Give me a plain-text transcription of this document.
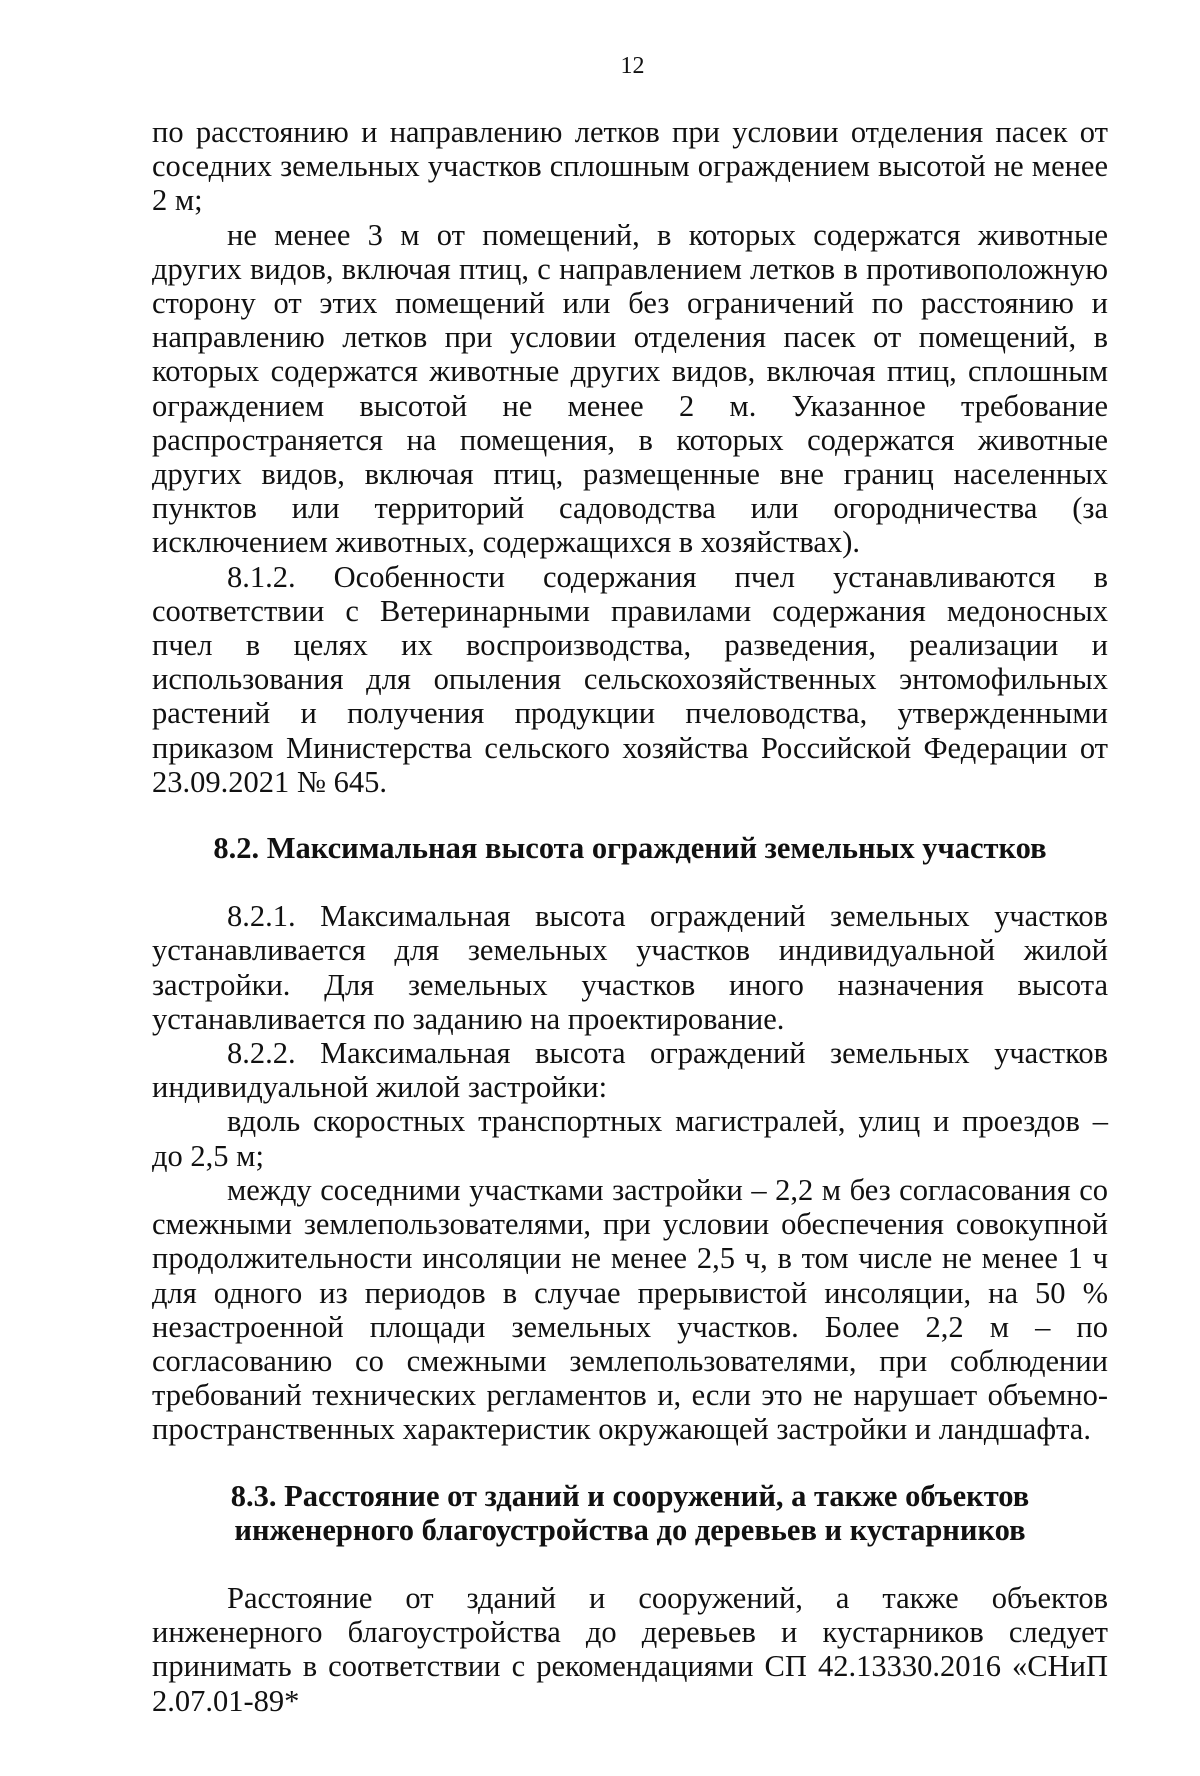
12

по расстоянию и направлению летков при условии отделения пасек от соседних земельных участков сплошным ограждением высотой не менее 2 м;

не менее 3 м от помещений, в которых содержатся животные других видов, включая птиц, с направлением летков в противоположную сторону от этих помещений или без ограничений по расстоянию и направлению летков при условии отделения пасек от помещений, в которых содержатся животные других видов, включая птиц, сплошным ограждением высотой не менее 2 м. Указанное требование распространяется на помещения, в которых содержатся животные других видов, включая птиц, размещенные вне границ населенных пунктов или территорий садоводства или огородничества (за исключением животных, содержащихся в хозяйствах).

8.1.2. Особенности содержания пчел устанавливаются в соответствии с Ветеринарными правилами содержания медоносных пчел в целях их воспроизводства, разведения, реализации и использования для опыления сельскохозяйственных энтомофильных растений и получения продукции пчеловодства, утвержденными приказом Министерства сельского хозяйства Российской Федерации от 23.09.2021 № 645.

8.2. Максимальная высота ограждений земельных участков

8.2.1. Максимальная высота ограждений земельных участков устанавливается для земельных участков индивидуальной жилой застройки. Для земельных участков иного назначения высота устанавливается по заданию на проектирование.

8.2.2. Максимальная высота ограждений земельных участков индивидуальной жилой застройки:

вдоль скоростных транспортных магистралей, улиц и проездов – до 2,5 м;

между соседними участками застройки – 2,2 м без согласования со смежными землепользователями, при условии обеспечения совокупной продолжительности инсоляции не менее 2,5 ч, в том числе не менее 1 ч для одного из периодов в случае прерывистой инсоляции, на 50 % незастроенной площади земельных участков. Более 2,2 м – по согласованию со смежными землепользователями, при соблюдении требований технических регламентов и, если это не нарушает объемно-пространственных характеристик окружающей застройки и ландшафта.

8.3. Расстояние от зданий и сооружений, а также объектов

инженерного благоустройства до деревьев и кустарников

Расстояние от зданий и сооружений, а также объектов инженерного благоустройства до деревьев и кустарников следует принимать в соответствии с рекомендациями СП 42.13330.2016 «СНиП 2.07.01-89*
